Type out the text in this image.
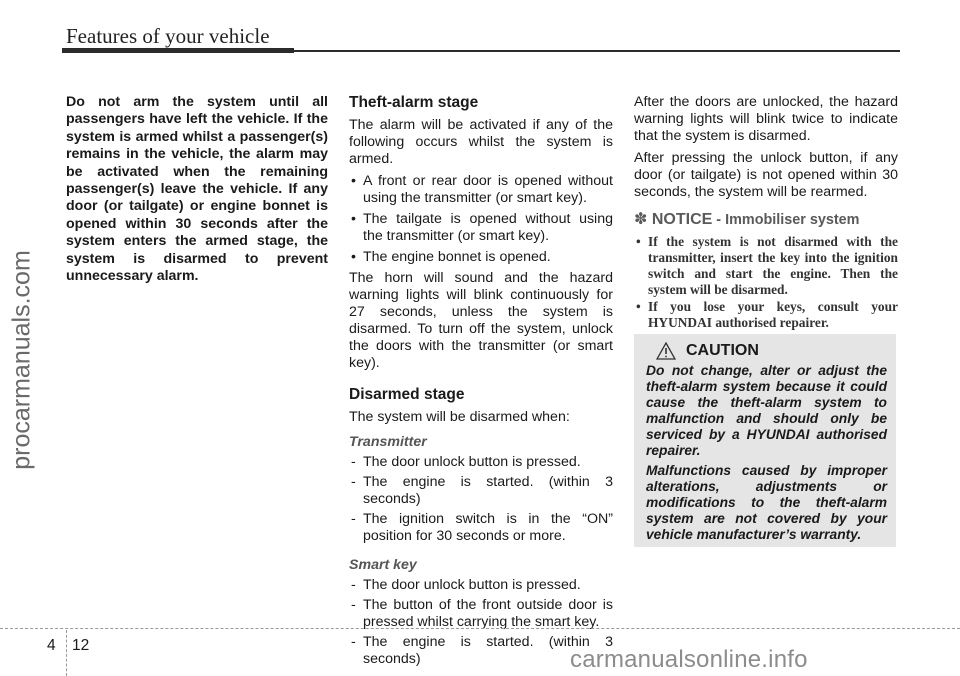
Features of your vehicle
procarmanuals.com

Do not arm the system until all passengers have left the vehicle. If the system is armed whilst a passenger(s) remains in the vehicle, the alarm may be activated when the remaining passenger(s) leave the vehicle. If any door (or tailgate) or engine bonnet is opened within 30 seconds after the system enters the armed stage, the system is disarmed to prevent unnecessary alarm.

Theft-alarm stage

The alarm will be activated if any of the following occurs whilst the system is armed.

• A front or rear door is opened without using the transmitter (or smart key).
• The tailgate is opened without using the transmitter (or smart key).
• The engine bonnet is opened.

The horn will sound and the hazard warning lights will blink continuously for 27 seconds, unless the system is disarmed. To turn off the system, unlock the doors with the transmitter (or smart key).

Disarmed stage

The system will be disarmed when:

Transmitter
- The door unlock button is pressed.
- The engine is started. (within 3 seconds)
- The ignition switch is in the “ON” position for 30 seconds or more.
Smart key
- The door unlock button is pressed.
- The button of the front outside door is pressed whilst carrying the smart key.
- The engine is started. (within 3 seconds)

After the doors are unlocked, the hazard warning lights will blink twice to indicate that the system is disarmed.

After pressing the unlock button, if any door (or tailgate) is not opened within 30 seconds, the system will be rearmed.

✽ NOTICE - Immobiliser system
• If the system is not disarmed with the transmitter, insert the key into the ignition switch and start the engine. Then the system will be disarmed.
• If you lose your keys, consult your HYUNDAI authorised repairer.
CAUTION

Do not change, alter or adjust the theft-alarm system because it could cause the theft-alarm system to malfunction and should only be serviced by a HYUNDAI authorised repairer.

Malfunctions caused by improper alterations, adjustments or modifications to the theft-alarm system are not covered by your vehicle manufacturer’s warranty.

4 12
carmanualsonline.info
